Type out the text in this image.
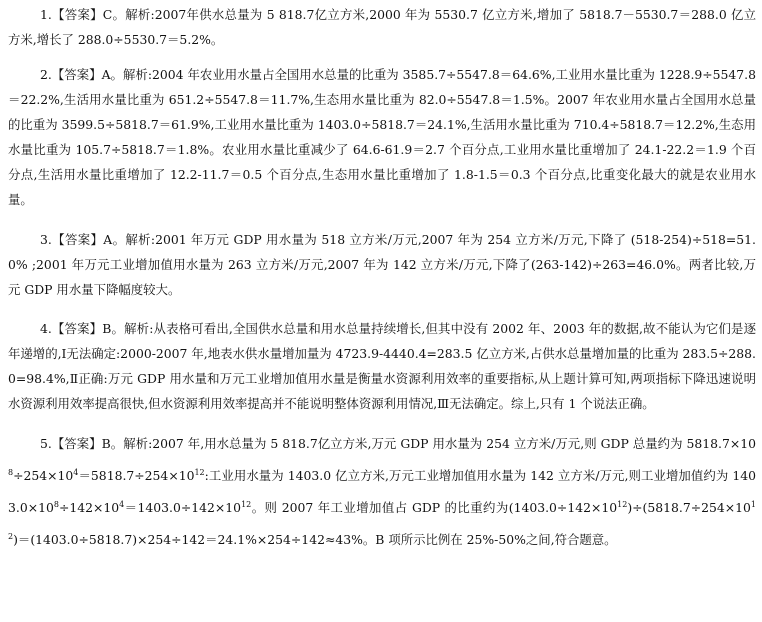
1.【答案】C。解析:2007年供水总量为 5 818.7亿立方米,2000 年为 5530.7 亿立方米,增加了 5818.7－5530.7＝288.0 亿立方米,增长了 288.0÷5530.7＝5.2%。

2.【答案】A。解析:2004 年农业用水量占全国用水总量的比重为 3585.7÷5547.8＝64.6%,工业用水量比重为 1228.9÷5547.8＝22.2%,生活用水量比重为 651.2÷5547.8＝11.7%,生态用水量比重为 82.0÷5547.8＝1.5%。2007 年农业用水量占全国用水总量的比重为 3599.5÷5818.7＝61.9%,工业用水量比重为 1403.0÷5818.7＝24.1%,生活用水量比重为 710.4÷5818.7＝12.2%,生态用水量比重为 105.7÷5818.7＝1.8%。农业用水量比重减少了 64.6-61.9＝2.7 个百分点,工业用水量比重增加了 24.1-22.2＝1.9 个百分点,生活用水量比重增加了 12.2-11.7＝0.5 个百分点,生态用水量比重增加了 1.8-1.5＝0.3 个百分点,比重变化最大的就是农业用水量。

3.【答案】A。解析:2001 年万元 GDP 用水量为 518 立方米/万元,2007 年为 254 立方米/万元,下降了 (518-254)÷518=51.0% ;2001 年万元工业增加值用水量为 263 立方米/万元,2007 年为 142 立方米/万元,下降了(263-142)÷263=46.0%。两者比较,万元 GDP 用水量下降幅度较大。

4.【答案】B。解析:从表格可看出,全国供水总量和用水总量持续增长,但其中没有 2002 年、2003 年的数据,故不能认为它们是逐年递增的,Ⅰ无法确定:2000-2007 年,地表水供水量增加量为 4723.9-4440.4=283.5 亿立方米,占供水总量增加量的比重为 283.5÷288.0=98.4%,Ⅱ正确:万元 GDP 用水量和万元工业增加值用水量是衡量水资源利用效率的重要指标,从上题计算可知,两项指标下降迅速说明水资源利用效率提高很快,但水资源利用效率提高并不能说明整体资源利用情况,Ⅲ无法确定。综上,只有 1 个说法正确。

5.【答案】B。解析:2007 年,用水总量为 5 818.7亿立方米,万元 GDP 用水量为 254 立方米/万元,则 GDP 总量约为 $5818.7\times 10^8\div 254\times 10^4=5818.7\div 254\times 10^{12}$:工业用水量为 1403.0 亿立方米,万元工业增加值用水量为 142 立方米/万元,则工业增加值约为 $1403.0\times 10^8\div 142\times 10^4=1403.0\div 142\times 10^{12}$。则 2007 年工业增加值占 GDP 的比重约为$(1403.0\div 142\times 10^{12})\div(5818.7\div 254\times 10^{12})=(1403.0\div 5818.7)\times 254\div 142=24.1\%\times 254\div 142\approx 43\%$。B 项所示比例在 25%-50%之间,符合题意。
